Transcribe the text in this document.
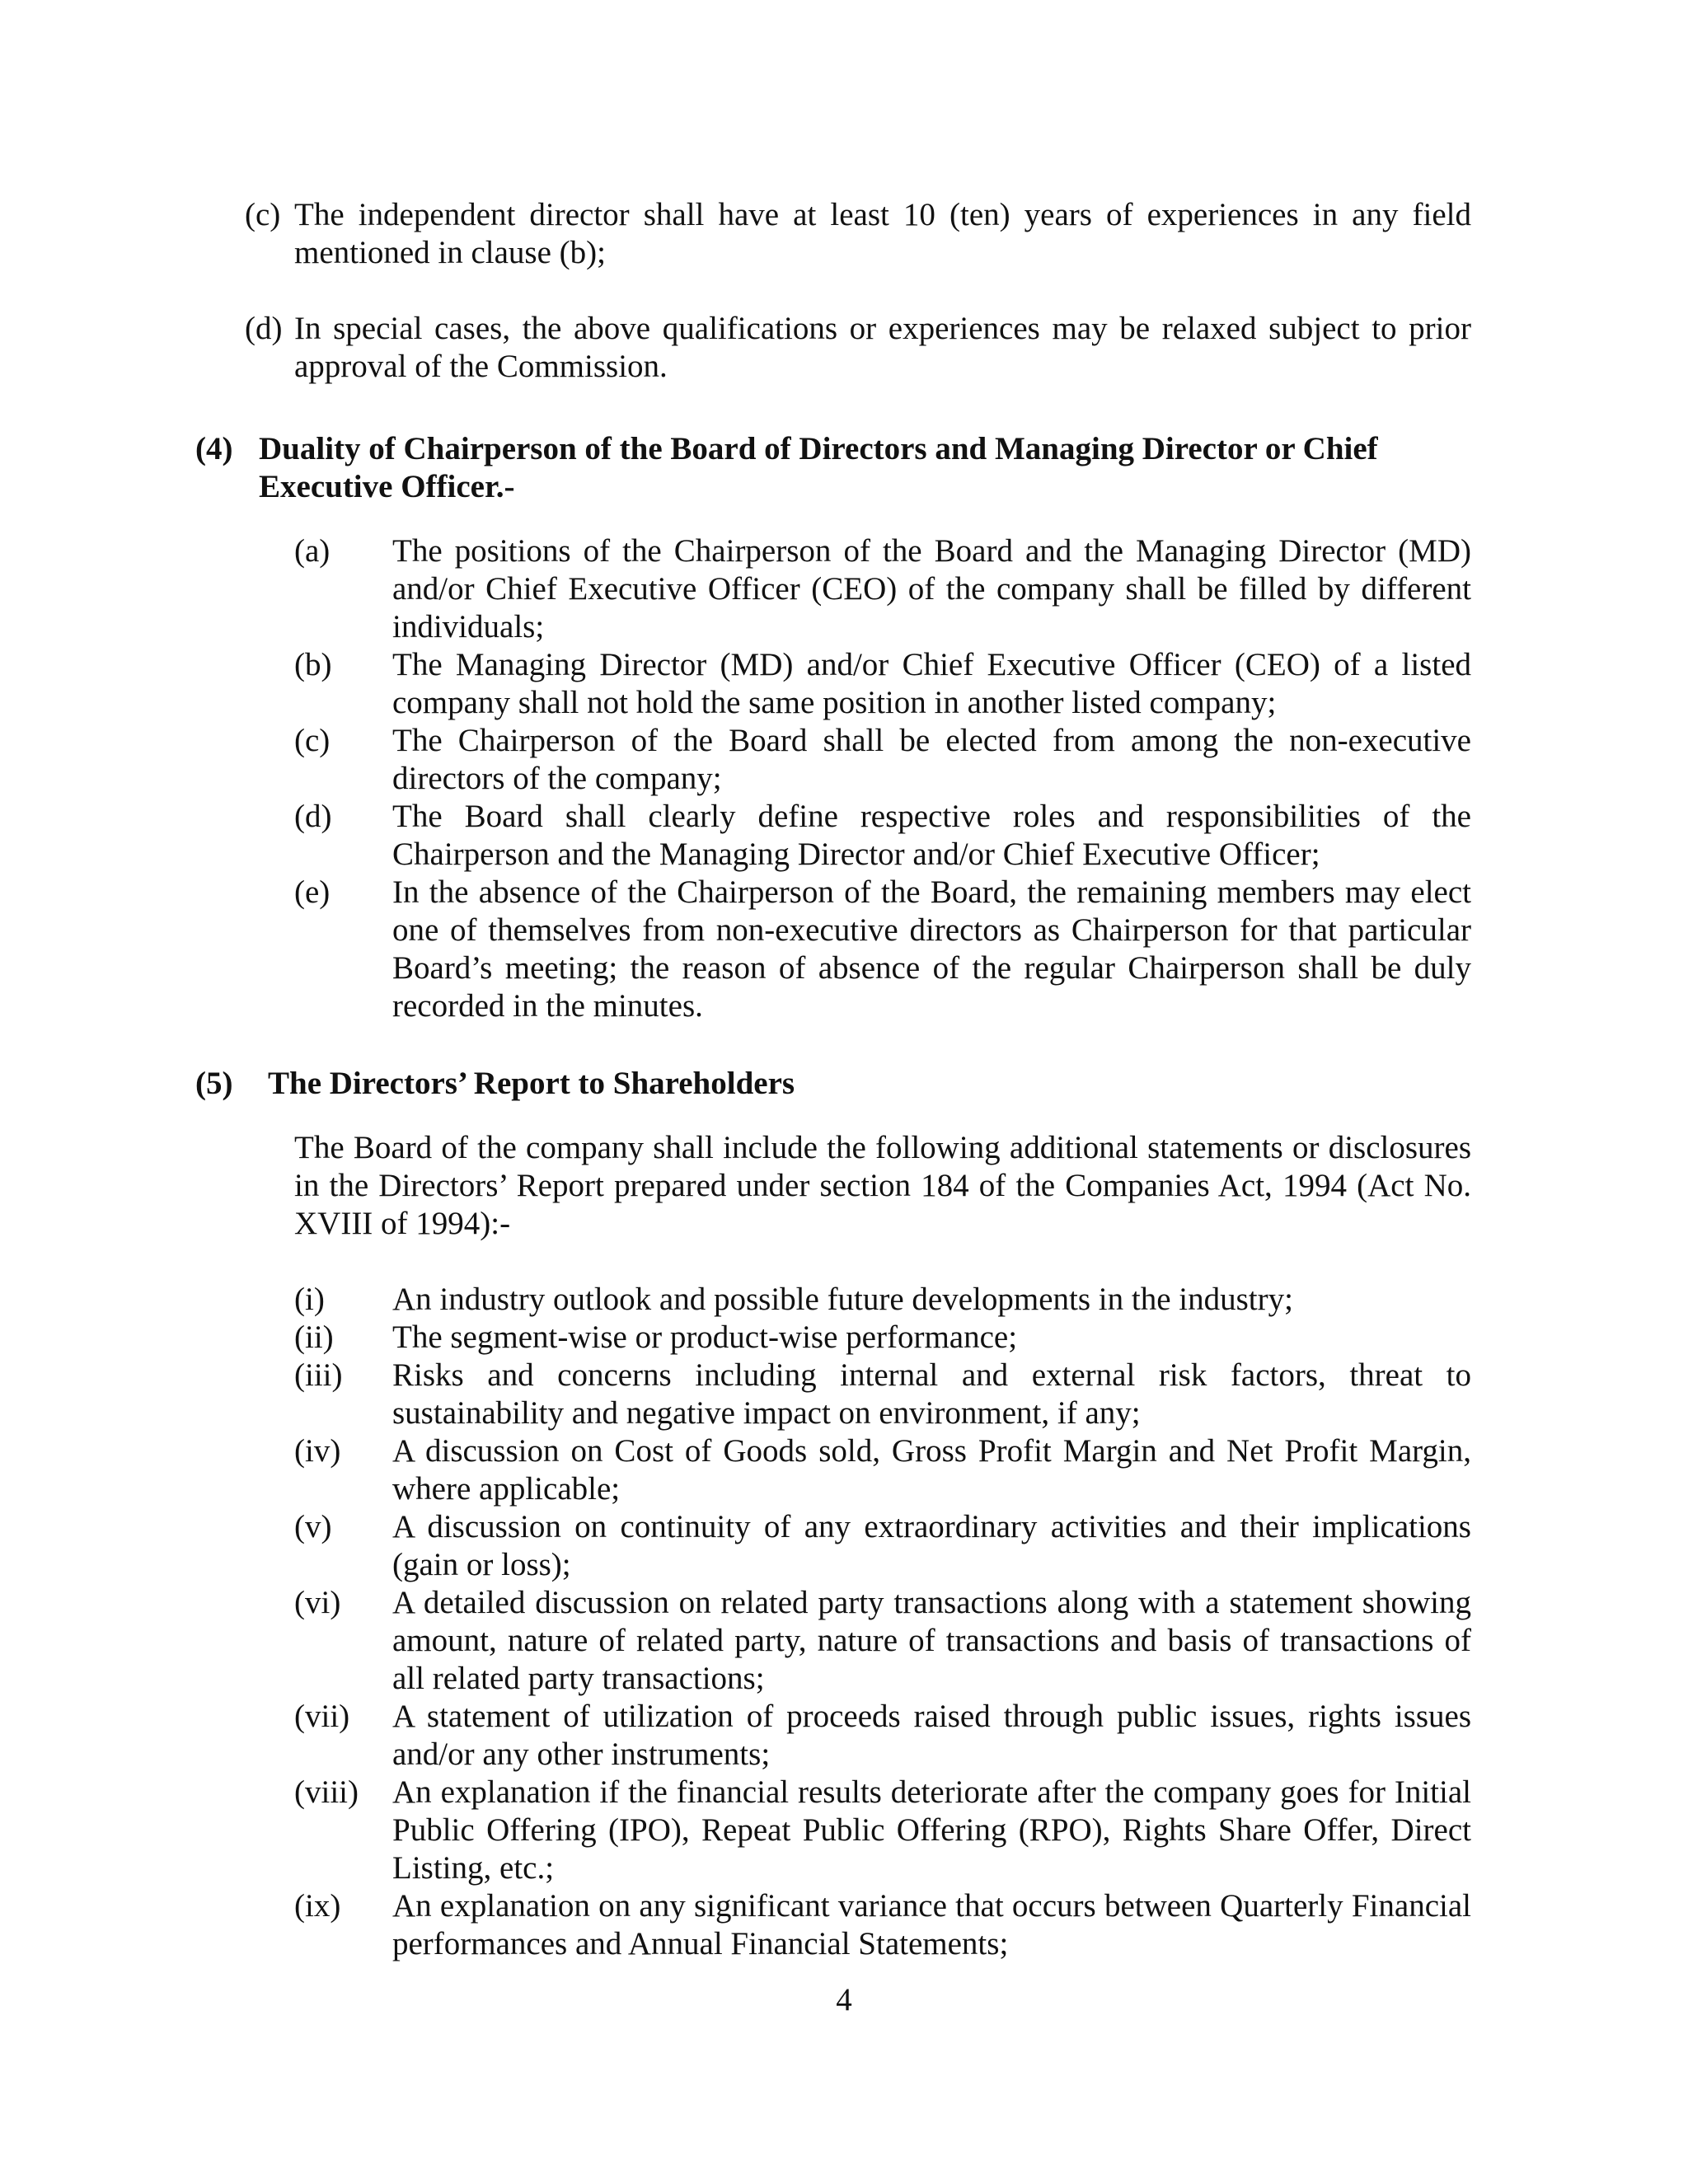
(c) The independent director shall have at least 10 (ten) years of experiences in any field mentioned in clause (b);
(d) In special cases, the above qualifications or experiences may be relaxed subject to prior approval of the Commission.
(4) Duality of Chairperson of the Board of Directors and Managing Director or Chief Executive Officer.-
(a) The positions of the Chairperson of the Board and the Managing Director (MD) and/or Chief Executive Officer (CEO) of the company shall be filled by different individuals;
(b) The Managing Director (MD) and/or Chief Executive Officer (CEO) of a listed company shall not hold the same position in another listed company;
(c) The Chairperson of the Board shall be elected from among the non-executive directors of the company;
(d) The Board shall clearly define respective roles and responsibilities of the Chairperson and the Managing Director and/or Chief Executive Officer;
(e) In the absence of the Chairperson of the Board, the remaining members may elect one of themselves from non-executive directors as Chairperson for that particular Board’s meeting; the reason of absence of the regular Chairperson shall be duly recorded in the minutes.
(5) The Directors’ Report to Shareholders
The Board of the company shall include the following additional statements or disclosures in the Directors’ Report prepared under section 184 of the Companies Act, 1994 (Act No. XVIII of 1994):-
(i) An industry outlook and possible future developments in the industry;
(ii) The segment-wise or product-wise performance;
(iii) Risks and concerns including internal and external risk factors, threat to sustainability and negative impact on environment, if any;
(iv) A discussion on Cost of Goods sold, Gross Profit Margin and Net Profit Margin, where applicable;
(v) A discussion on continuity of any extraordinary activities and their implications (gain or loss);
(vi) A detailed discussion on related party transactions along with a statement showing amount, nature of related party, nature of transactions and basis of transactions of all related party transactions;
(vii) A statement of utilization of proceeds raised through public issues, rights issues and/or any other instruments;
(viii) An explanation if the financial results deteriorate after the company goes for Initial Public Offering (IPO), Repeat Public Offering (RPO), Rights Share Offer, Direct Listing, etc.;
(ix) An explanation on any significant variance that occurs between Quarterly Financial performances and Annual Financial Statements;
4
